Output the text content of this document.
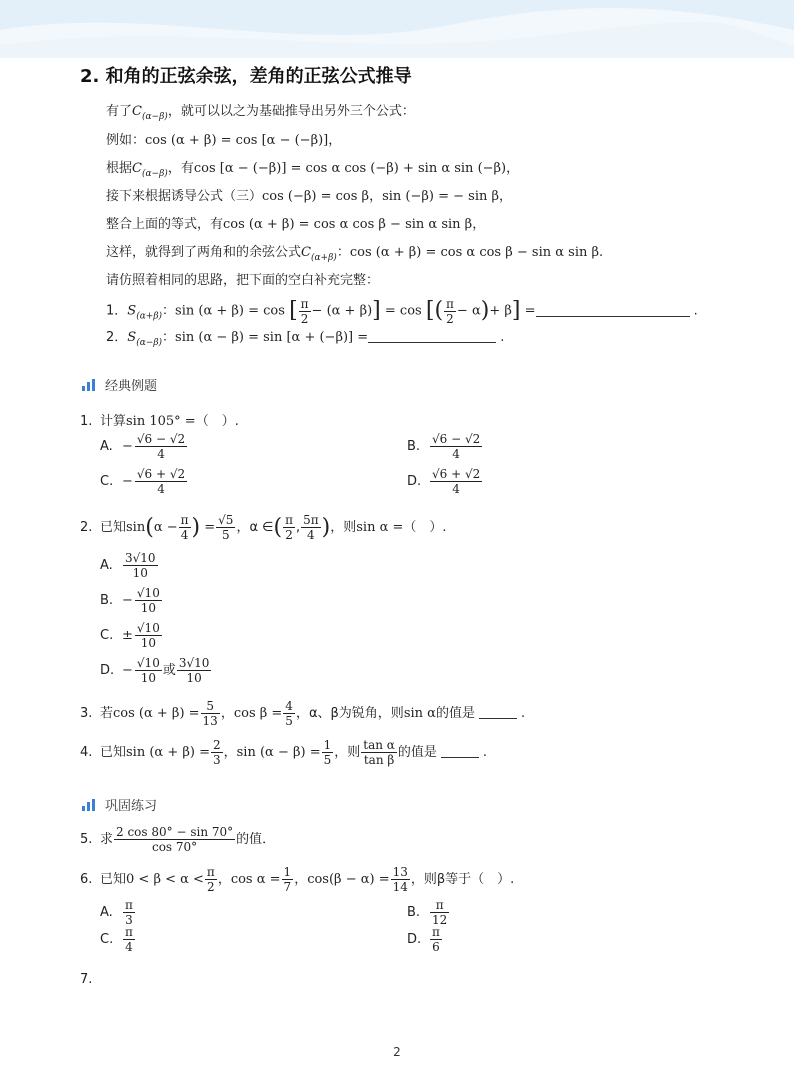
2. 和角的正弦余弦，差角的正弦公式推导
有了$C_{(\alpha-\beta)}$，就可以以之为基础推导出另外三个公式：
例如：cos (α + β) = cos [α − (−β)]，
根据$C_{(\alpha-\beta)}$，有cos [α − (−β)] = cos α cos (−β) + sin α sin (−β)，
接下来根据诱导公式（三）cos (−β) = cos β，sin (−β) = − sin β，
整合上面的等式，有cos (α + β) = cos α cos β − sin α sin β，
这样，就得到了两角和的余弦公式$C_{(\alpha+\beta)}$：cos (α + β) = cos α cos β − sin α sin β.
请仿照着相同的思路，把下面的空白补充完整：
1．$S_{(\alpha+\beta)}$：sin (α + β) = cos [ $\frac{\pi}{2} - (\alpha + \beta)] = \cos$ [( $\frac{\pi}{2} - \alpha)+ \beta$] =	.
2．$S_{(\alpha-\beta)}$：sin (α − β) = sin [α + (−β)] =	.
经典例题
1. 计算sin 105° =（　）.
A. − $\frac{√6 - √2}{4}$	B. $\frac{√6 - √2}{4}$
C. − $\frac{√6 + √2}{4}$	D. $\frac{√6 + √2}{4}$
2. 已知$\sin(\alpha - \frac{\pi}{4}$ ) = $\frac{√5}{5}$ ，α ∈( $\frac{\pi}{2}$ , $\frac{5\pi}{4}$ )，则sin α =（　）.
A. $\frac{3√10}{10}$
B. − $\frac{√10}{10}$
C. ± $\frac{√10}{10}$
D. − $\frac{√10}{10}$ 或 $\frac{3√10}{10}$
3. 若$\cos (\alpha + \beta) = \frac{5}{13}$ ，$\cos \beta = \frac{4}{5}$ ，α、β为锐角，则sin α的值是	.
4. 已知$\sin (\alpha + \beta) = \frac{2}{3}$ ，$\sin (\alpha - \beta) = \frac{1}{5}$ ，则 $\frac{\text{tan α}}{\text{tan β}}$ 的值是	.
巩固练习
5. 求 $\frac{2 \cos 80^\circ - \sin 70^\circ}{\cos 70^\circ}$ 的值．
6. 已知$0 < \beta < \alpha < \frac{\pi}{2}$ ，$\cos \alpha = \frac{1}{7}$ ，$\cos(\beta - \alpha) = \frac{13}{14}$ ，则β等于（　）.
A. $\frac{\pi}{3}$	B. $\frac{\pi}{12}$
C. $\frac{\pi}{4}$	D. $\frac{\pi}{6}$
7.
2
